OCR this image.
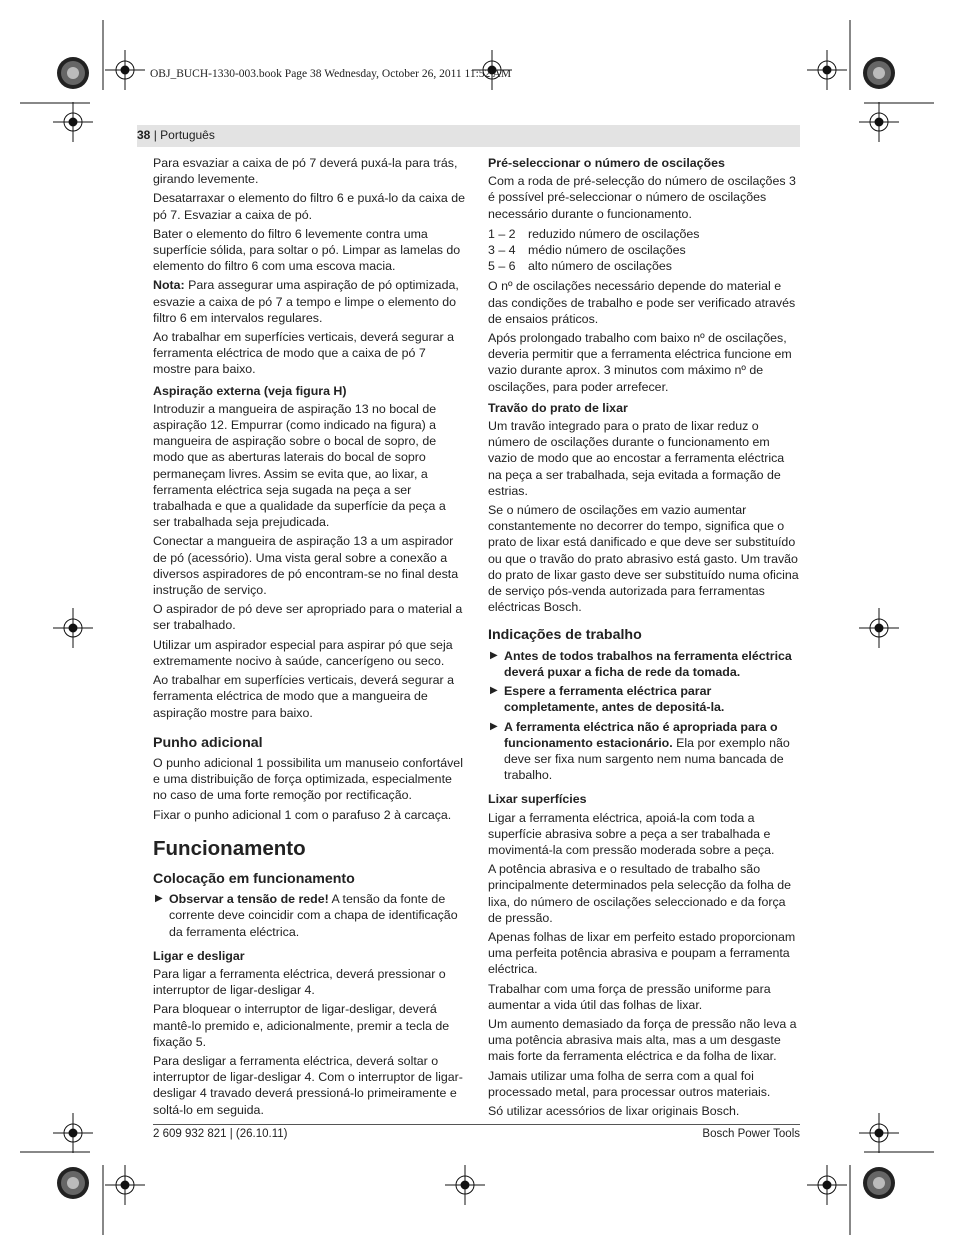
OBJ_BUCH-1330-003.book Page 38 Wednesday, October 26, 2011 11:52 AM
38 | Português

Para esvaziar a caixa de pó 7 deverá puxá-la para trás, girando levemente.

Desatarraxar o elemento do filtro 6 e puxá-lo da caixa de pó 7. Esvaziar a caixa de pó.

Bater o elemento do filtro 6 levemente contra uma superfície sólida, para soltar o pó. Limpar as lamelas do elemento do filtro 6 com uma escova macia.

Nota: Para assegurar uma aspiração de pó optimizada, esvazie a caixa de pó 7 a tempo e limpe o elemento do filtro 6 em intervalos regulares.

Ao trabalhar em superfícies verticais, deverá segurar a ferramenta eléctrica de modo que a caixa de pó 7 mostre para baixo.

Aspiração externa (veja figura H)

Introduzir a mangueira de aspiração 13 no bocal de aspiração 12. Empurrar (como indicado na figura) a mangueira de aspiração sobre o bocal de sopro, de modo que as aberturas laterais do bocal de sopro permaneçam livres. Assim se evita que, ao lixar, a ferramenta eléctrica seja sugada na peça a ser trabalhada e que a qualidade da superfície da peça a ser trabalhada seja prejudicada.

Conectar a mangueira de aspiração 13 a um aspirador de pó (acessório). Uma vista geral sobre a conexão a diversos aspiradores de pó encontram-se no final desta instrução de serviço.

O aspirador de pó deve ser apropriado para o material a ser trabalhado.

Utilizar um aspirador especial para aspirar pó que seja extremamente nocivo à saúde, cancerígeno ou seco.

Ao trabalhar em superfícies verticais, deverá segurar a ferramenta eléctrica de modo que a mangueira de aspiração mostre para baixo.

Punho adicional

O punho adicional 1 possibilita um manuseio confortável e uma distribuição de força optimizada, especialmente no caso de uma forte remoção por rectificação.

Fixar o punho adicional 1 com o parafuso 2 à carcaça.

Funcionamento
Colocação em funcionamento
▶ Observar a tensão de rede! A tensão da fonte de corrente deve coincidir com a chapa de identificação da ferramenta eléctrica.
Ligar e desligar

Para ligar a ferramenta eléctrica, deverá pressionar o interruptor de ligar-desligar 4.

Para bloquear o interruptor de ligar-desligar, deverá mantê-lo premido e, adicionalmente, premir a tecla de fixação 5.

Para desligar a ferramenta eléctrica, deverá soltar o interruptor de ligar-desligar 4. Com o interruptor de ligar-desligar 4 travado deverá pressioná-lo primeiramente e soltá-lo em seguida.

Pré-seleccionar o número de oscilações

Com a roda de pré-selecção do número de oscilações 3 é possível pré-seleccionar o número de oscilações necessário durante o funcionamento.

1 – 2	reduzido número de oscilações
3 – 4	médio número de oscilações
5 – 6	alto número de oscilações

O nº de oscilações necessário depende do material e das condições de trabalho e pode ser verificado através de ensaios práticos.

Após prolongado trabalho com baixo nº de oscilações, deveria permitir que a ferramenta eléctrica funcione em vazio durante aprox. 3 minutos com máximo nº de oscilações, para poder arrefecer.

Travão do prato de lixar

Um travão integrado para o prato de lixar reduz o número de oscilações durante o funcionamento em vazio de modo que ao encostar a ferramenta eléctrica na peça a ser trabalhada, seja evitada a formação de estrias.

Se o número de oscilações em vazio aumentar constantemente no decorrer do tempo, significa que o prato de lixar está danificado e que deve ser substituído ou que o travão do prato abrasivo está gasto. Um travão do prato de lixar gasto deve ser substituído numa oficina de serviço pós-venda autorizada para ferramentas eléctricas Bosch.

Indicações de trabalho
▶ Antes de todos trabalhos na ferramenta eléctrica deverá puxar a ficha de rede da tomada.
▶ Espere a ferramenta eléctrica parar completamente, antes de depositá-la.
▶ A ferramenta eléctrica não é apropriada para o funcionamento estacionário. Ela por exemplo não deve ser fixa num sargento nem numa bancada de trabalho.
Lixar superfícies

Ligar a ferramenta eléctrica, apoiá-la com toda a superfície abrasiva sobre a peça a ser trabalhada e movimentá-la com pressão moderada sobre a peça.

A potência abrasiva e o resultado de trabalho são principalmente determinados pela selecção da folha de lixa, do número de oscilações seleccionado e da força de pressão.

Apenas folhas de lixar em perfeito estado proporcionam uma perfeita potência abrasiva e poupam a ferramenta eléctrica.

Trabalhar com uma força de pressão uniforme para aumentar a vida útil das folhas de lixar.

Um aumento demasiado da força de pressão não leva a uma potência abrasiva mais alta, mas a um desgaste mais forte da ferramenta eléctrica e da folha de lixar.

Jamais utilizar uma folha de serra com a qual foi processado metal, para processar outros materiais.

Só utilizar acessórios de lixar originais Bosch.

2 609 932 821 | (26.10.11)	Bosch Power Tools
